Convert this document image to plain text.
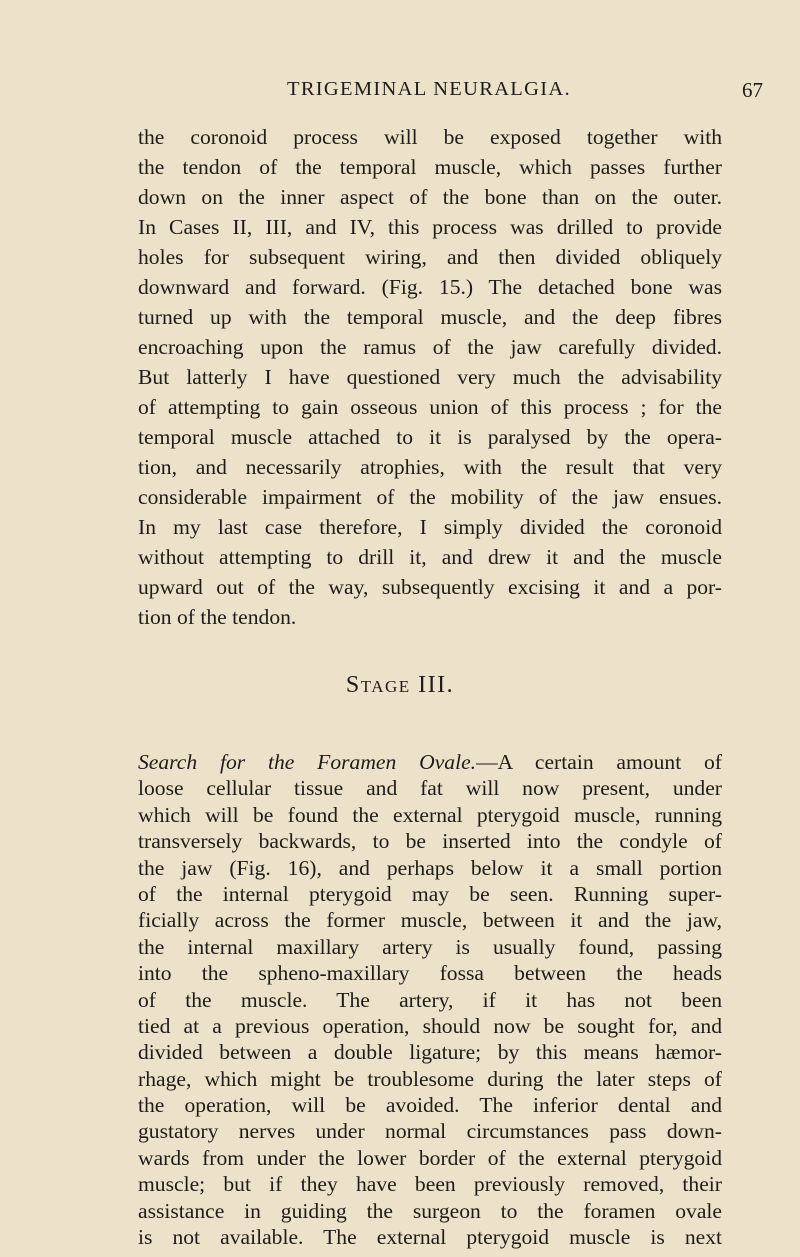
TRIGEMINAL NEURALGIA.	67
the coronoid process will be exposed together with
the tendon of the temporal muscle, which passes further
down on the inner aspect of the bone than on the outer.
In Cases II, III, and IV, this process was drilled to provide
holes for subsequent wiring, and then divided obliquely
downward and forward. (Fig. 15.) The detached bone was
turned up with the temporal muscle, and the deep fibres
encroaching upon the ramus of the jaw carefully divided.
But latterly I have questioned very much the advisability
of attempting to gain osseous union of this process ; for the
temporal muscle attached to it is paralysed by the opera-
tion, and necessarily atrophies, with the result that very
considerable impairment of the mobility of the jaw ensues.
In my last case therefore, I simply divided the coronoid
without attempting to drill it, and drew it and the muscle
upward out of the way, subsequently excising it and a por-
tion of the tendon.
Stage III.
Search for the Foramen Ovale.—A certain amount of
loose cellular tissue and fat will now present, under
which will be found the external pterygoid muscle, running
transversely backwards, to be inserted into the condyle of
the jaw (Fig. 16), and perhaps below it a small portion
of the internal pterygoid may be seen. Running super-
ficially across the former muscle, between it and the jaw,
the internal maxillary artery is usually found, passing
into the spheno-maxillary fossa between the heads
of the muscle. The artery, if it has not been
tied at a previous operation, should now be sought for, and
divided between a double ligature; by this means hæmor-
rhage, which might be troublesome during the later steps of
the operation, will be avoided. The inferior dental and
gustatory nerves under normal circumstances pass down-
wards from under the lower border of the external pterygoid
muscle; but if they have been previously removed, their
assistance in guiding the surgeon to the foramen ovale
is not available. The external pterygoid muscle is next
